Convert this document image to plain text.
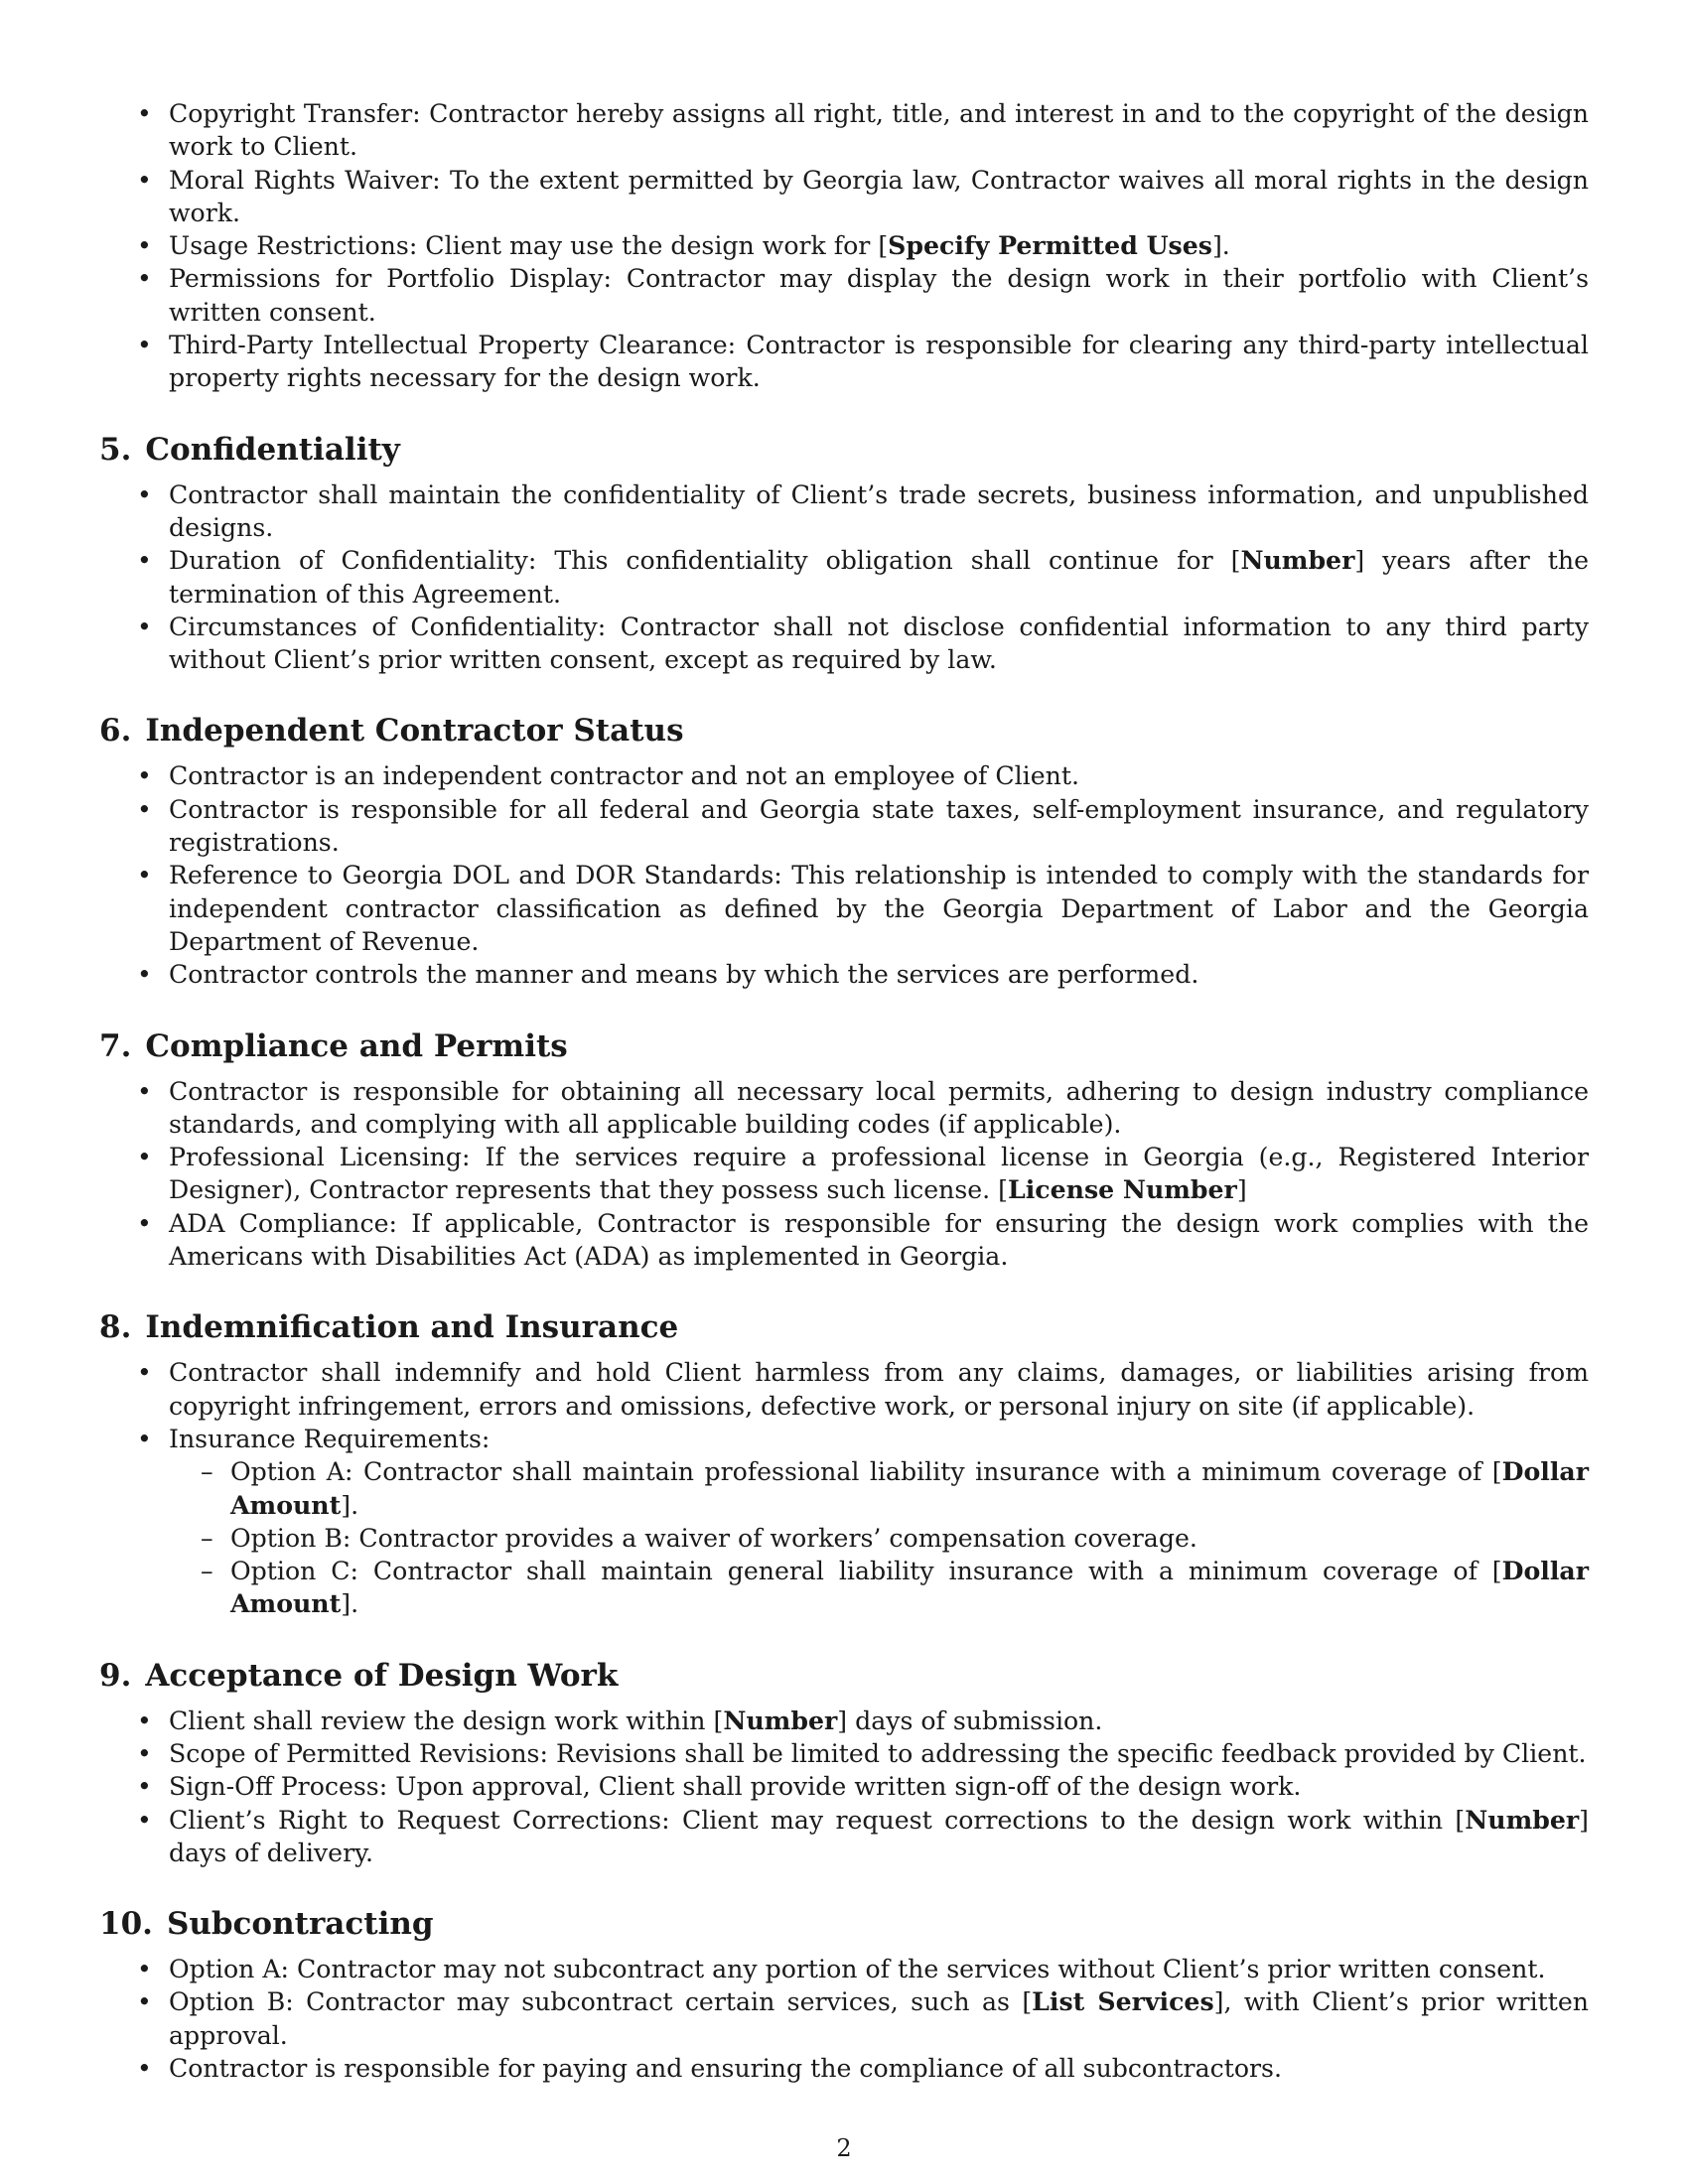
• Copyright Transfer: Contractor hereby assigns all right, title, and interest in and to the copyright of the design work to Client.
• Moral Rights Waiver: To the extent permitted by Georgia law, Contractor waives all moral rights in the design work.
• Usage Restrictions: Client may use the design work for [Specify Permitted Uses].
• Permissions for Portfolio Display: Contractor may display the design work in their portfolio with Client’s written consent.
• Third-Party Intellectual Property Clearance: Contractor is responsible for clearing any third-party intellectual property rights necessary for the design work.
5. Confidentiality
• Contractor shall maintain the confidentiality of Client’s trade secrets, business information, and unpublished designs.
• Duration of Confidentiality: This confidentiality obligation shall continue for [Number] years after the termination of this Agreement.
• Circumstances of Confidentiality: Contractor shall not disclose confidential information to any third party without Client’s prior written consent, except as required by law.
6. Independent Contractor Status
• Contractor is an independent contractor and not an employee of Client.
• Contractor is responsible for all federal and Georgia state taxes, self-employment insurance, and regulatory registrations.
• Reference to Georgia DOL and DOR Standards: This relationship is intended to comply with the standards for independent contractor classification as defined by the Georgia Department of Labor and the Georgia Department of Revenue.
• Contractor controls the manner and means by which the services are performed.
7. Compliance and Permits
• Contractor is responsible for obtaining all necessary local permits, adhering to design industry compliance standards, and complying with all applicable building codes (if applicable).
• Professional Licensing: If the services require a professional license in Georgia (e.g., Registered Interior Designer), Contractor represents that they possess such license. [License Number]
• ADA Compliance: If applicable, Contractor is responsible for ensuring the design work complies with the Americans with Disabilities Act (ADA) as implemented in Georgia.
8. Indemnification and Insurance
• Contractor shall indemnify and hold Client harmless from any claims, damages, or liabilities arising from copyright infringement, errors and omissions, defective work, or personal injury on site (if applicable).
• Insurance Requirements:
– Option A: Contractor shall maintain professional liability insurance with a minimum coverage of [Dollar Amount].
– Option B: Contractor provides a waiver of workers’ compensation coverage.
– Option C: Contractor shall maintain general liability insurance with a minimum coverage of [Dollar Amount].
9. Acceptance of Design Work
• Client shall review the design work within [Number] days of submission.
• Scope of Permitted Revisions: Revisions shall be limited to addressing the specific feedback provided by Client.
• Sign-Off Process: Upon approval, Client shall provide written sign-off of the design work.
• Client’s Right to Request Corrections: Client may request corrections to the design work within [Number] days of delivery.
10. Subcontracting
• Option A: Contractor may not subcontract any portion of the services without Client’s prior written consent.
• Option B: Contractor may subcontract certain services, such as [List Services], with Client’s prior written approval.
• Contractor is responsible for paying and ensuring the compliance of all subcontractors.
2
